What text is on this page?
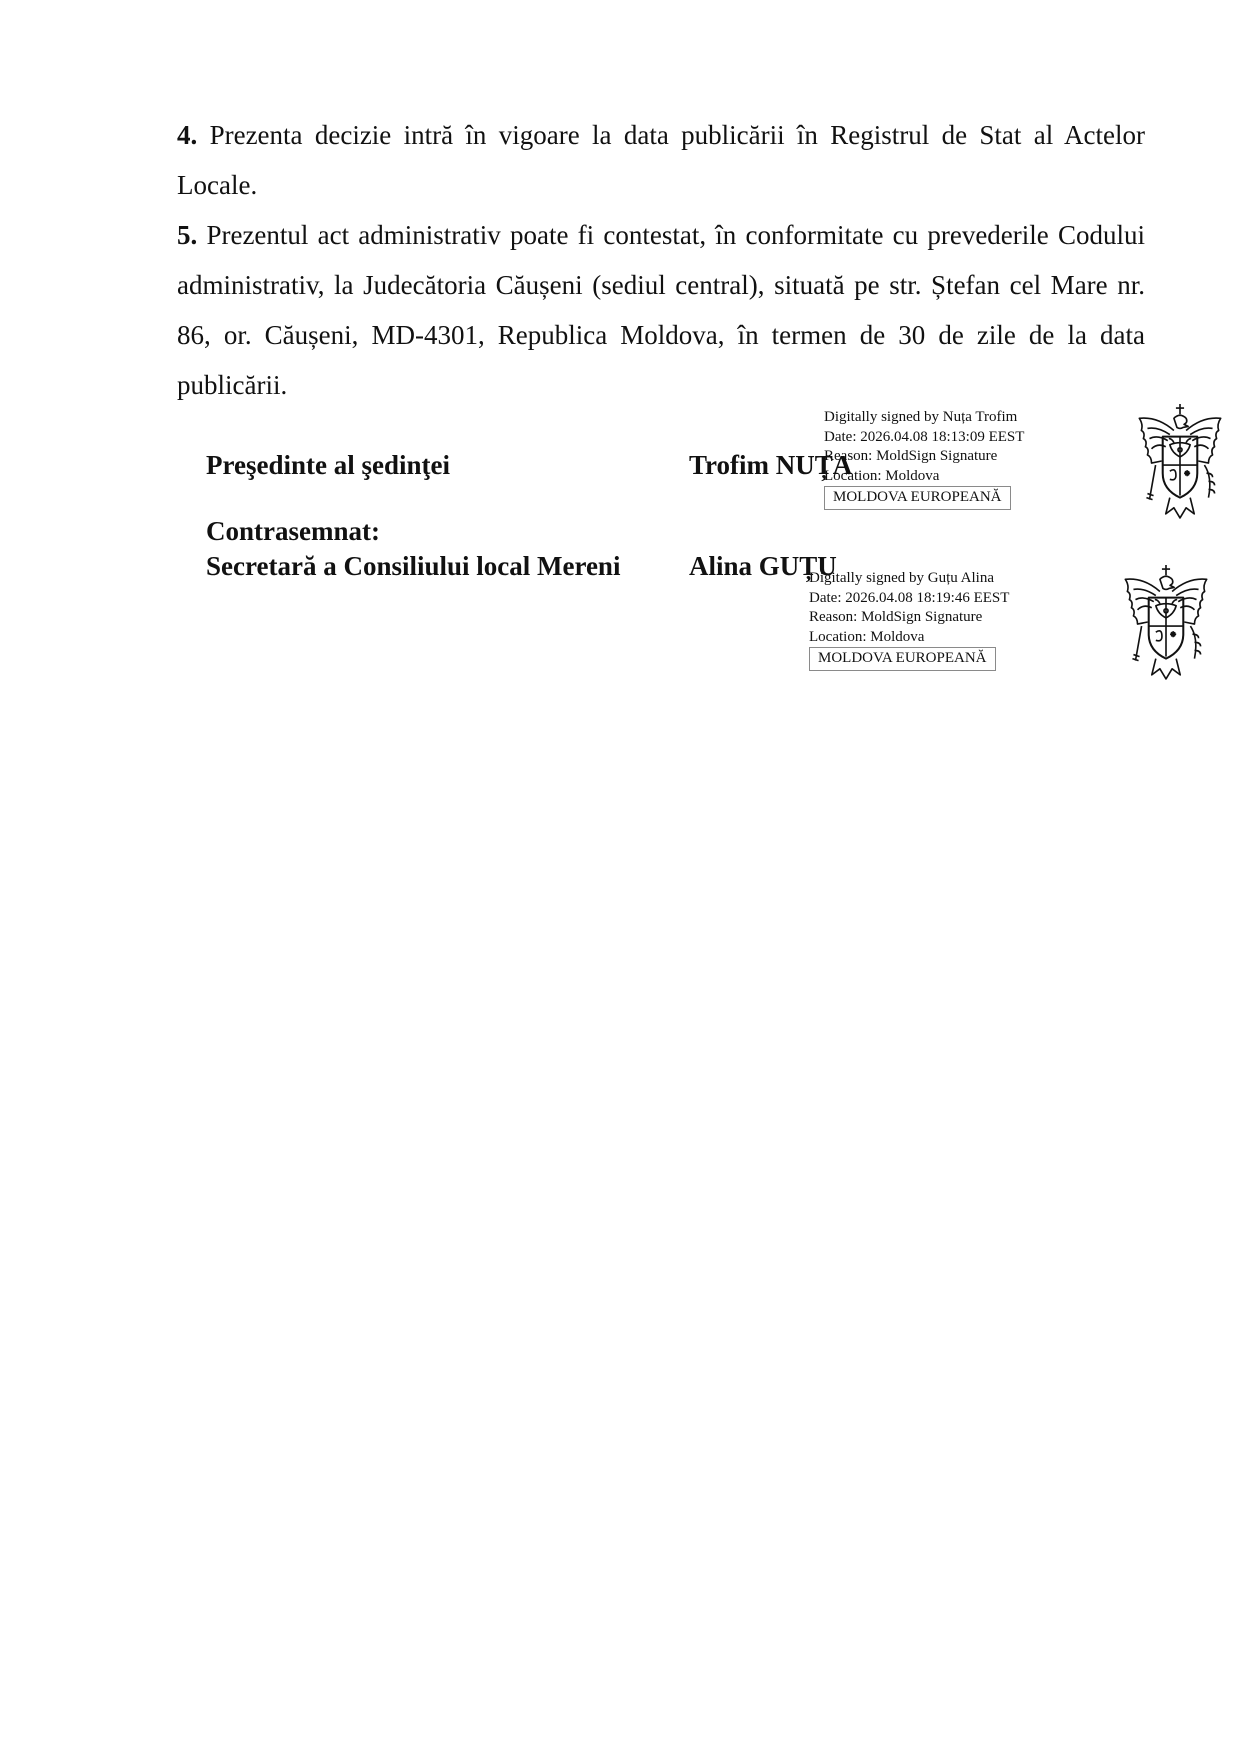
4. Prezenta decizie intră în vigoare la data publicării în Registrul de Stat al Actelor Locale.

5. Prezentul act administrativ poate fi contestat, în conformitate cu prevederile Codului administrativ, la Judecătoria Căușeni (sediul central), situată pe str. Ștefan cel Mare nr. 86, or. Căușeni, MD-4301, Republica Moldova, în termen de 30 de zile de la data publicării.

Preşedinte al şedinţei	Trofim NUȚA
Contrasemnat:
Secretară a Consiliului local Mereni	Alina GUȚU
Digitally signed by Nuța Trofim
Date: 2026.04.08 18:13:09 EEST
Reason: MoldSign Signature
Location: Moldova
MOLDOVA EUROPEANĂ
Digitally signed by Guțu Alina
Date: 2026.04.08 18:19:46 EEST
Reason: MoldSign Signature
Location: Moldova
MOLDOVA EUROPEANĂ
